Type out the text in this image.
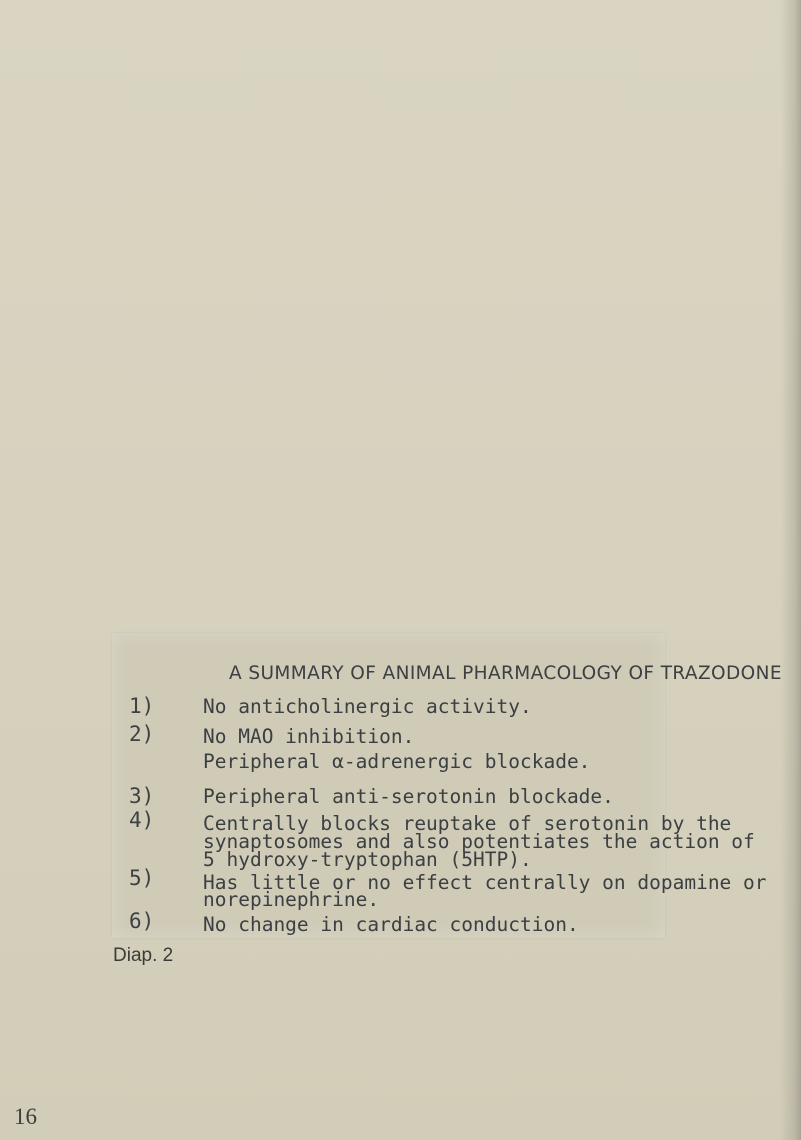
A SUMMARY OF ANIMAL PHARMACOLOGY OF TRAZODONE
1) No anticholinergic activity.
2) No MAO inhibition.
Peripheral α-adrenergic blockade.
3) Peripheral anti-serotonin blockade.
4) Centrally blocks reuptake of serotonin by the
synaptosomes and also potentiates the action of
5 hydroxy-tryptophan (5HTP).
5) Has little or no effect centrally on dopamine or
norepinephrine.
6) No change in cardiac conduction.
Diap. 2
16
